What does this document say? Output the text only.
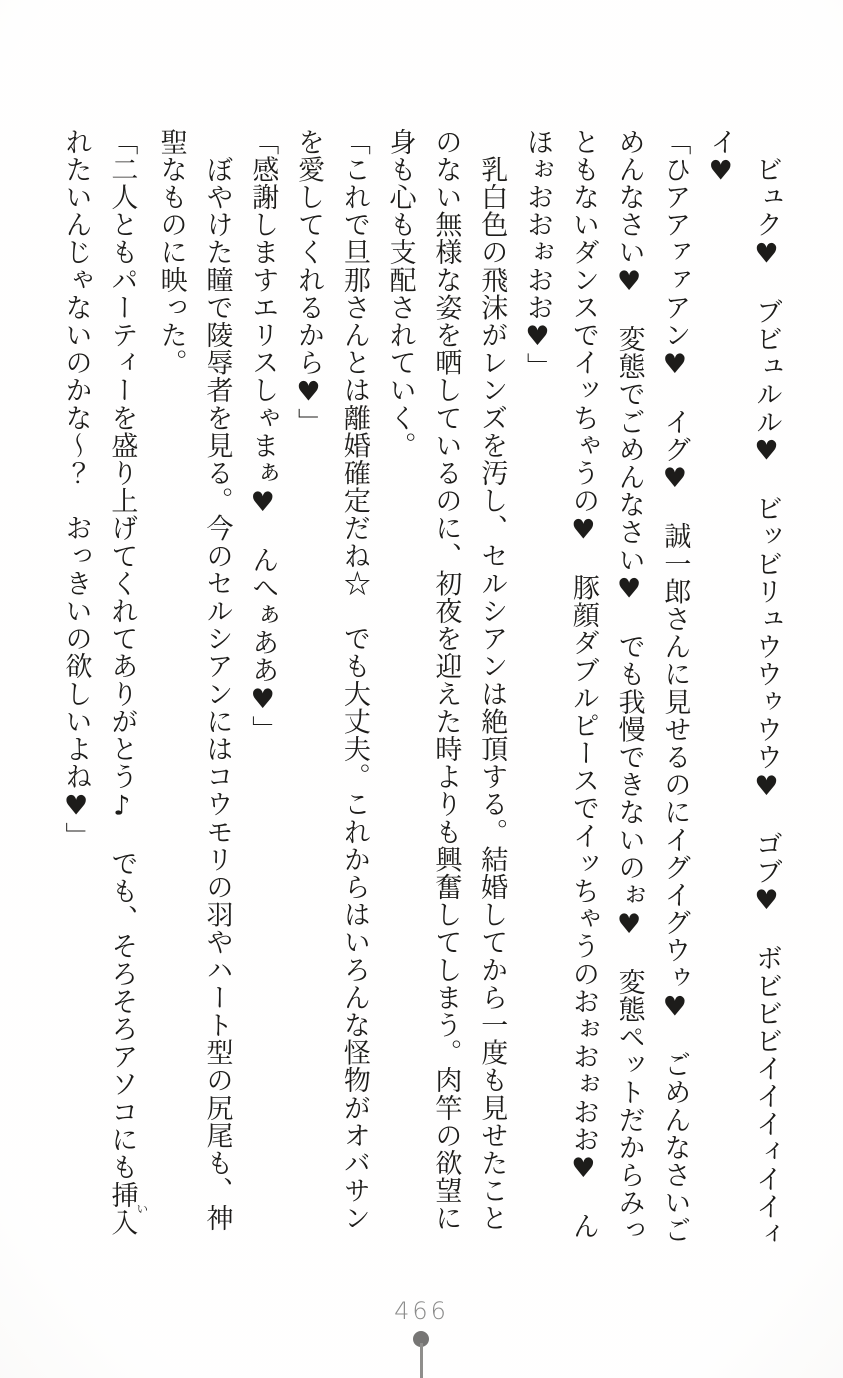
　ビュク♥　ブビュルル♥　ビッビリュウウゥウウ♥　ゴブ♥　ボビビビイイイィイイィ
イ♥
「ひアアァァアン♥　イグ♥　誠一郎さんに見せるのにイグイグウゥ♥　ごめんなさいご
めんなさい♥　変態でごめんなさい♥　でも我慢できないのぉ♥　変態ペットだからみっ
ともないダンスでイッちゃうの♥　豚顔ダブルピースでイッちゃうのおぉおぉおお♥　ん
ほぉおおぉおお♥」
　乳白色の飛沫がレンズを汚し、セルシアンは絶頂する。結婚してから一度も見せたこと
のない無様な姿を晒しているのに、初夜を迎えた時よりも興奮してしまう。肉竿の欲望に
身も心も支配されていく。
「これで旦那さんとは離婚確定だね☆　でも大丈夫。これからはいろんな怪物がオバサン
を愛してくれるから♥」
「感謝しますエリスしゃまぁ♥　んへぁああ♥」
　ぼやけた瞳で陵辱者を見る。今のセルシアンにはコウモリの羽やハート型の尻尾も、神
聖なものに映った。
「二人ともパーティーを盛り上げてくれてありがとう♪　でも、そろそろアソコにも挿入い
れたいんじゃないのかな～？　おっきいの欲しいよね♥」
466
